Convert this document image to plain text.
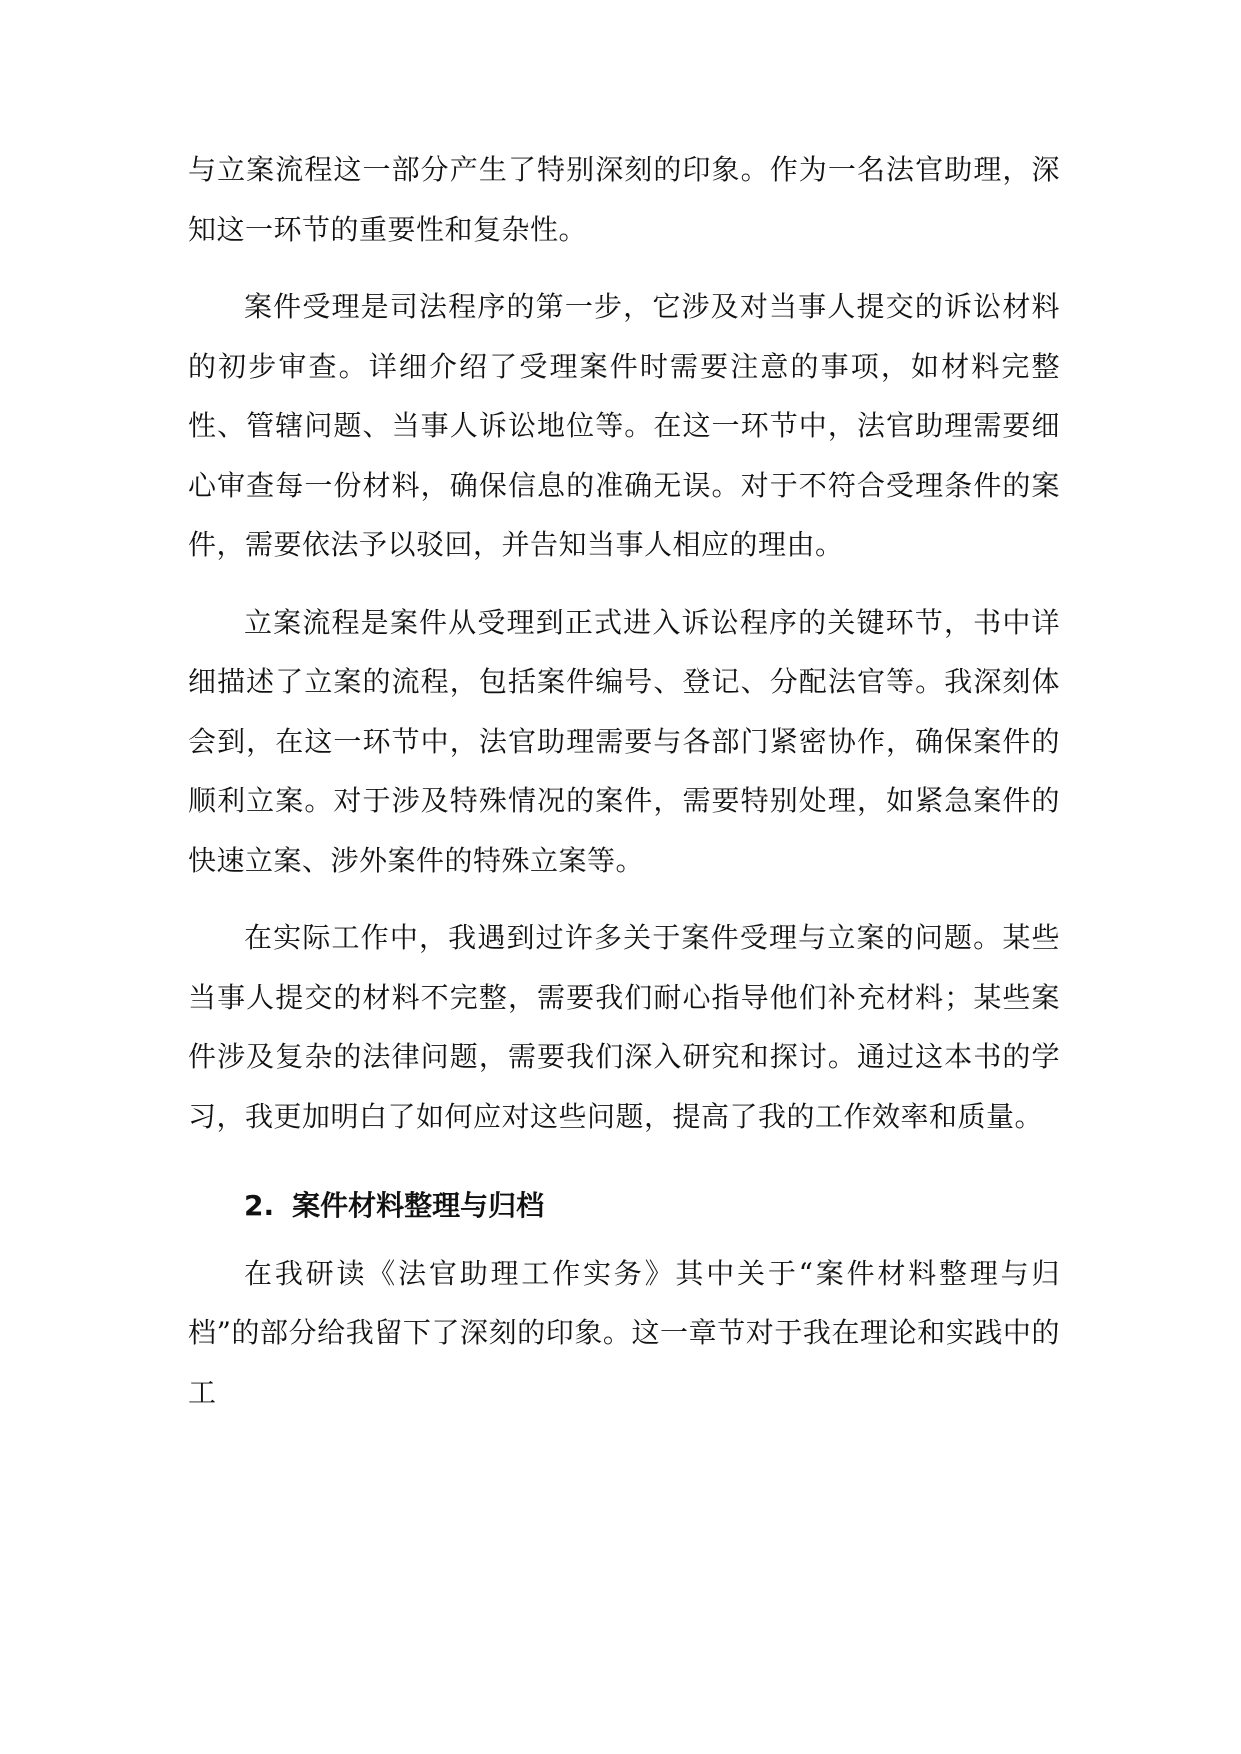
与立案流程这一部分产生了特别深刻的印象。作为一名法官助理，深知这一环节的重要性和复杂性。

案件受理是司法程序的第一步，它涉及对当事人提交的诉讼材料的初步审查。详细介绍了受理案件时需要注意的事项，如材料完整性、管辖问题、当事人诉讼地位等。在这一环节中，法官助理需要细心审查每一份材料，确保信息的准确无误。对于不符合受理条件的案件，需要依法予以驳回，并告知当事人相应的理由。

立案流程是案件从受理到正式进入诉讼程序的关键环节，书中详细描述了立案的流程，包括案件编号、登记、分配法官等。我深刻体会到，在这一环节中，法官助理需要与各部门紧密协作，确保案件的顺利立案。对于涉及特殊情况的案件，需要特别处理，如紧急案件的快速立案、涉外案件的特殊立案等。

在实际工作中，我遇到过许多关于案件受理与立案的问题。某些当事人提交的材料不完整，需要我们耐心指导他们补充材料；某些案件涉及复杂的法律问题，需要我们深入研究和探讨。通过这本书的学习，我更加明白了如何应对这些问题，提高了我的工作效率和质量。

2. 案件材料整理与归档

在我研读《法官助理工作实务》其中关于“案件材料整理与归档”的部分给我留下了深刻的印象。这一章节对于我在理论和实践中的工
